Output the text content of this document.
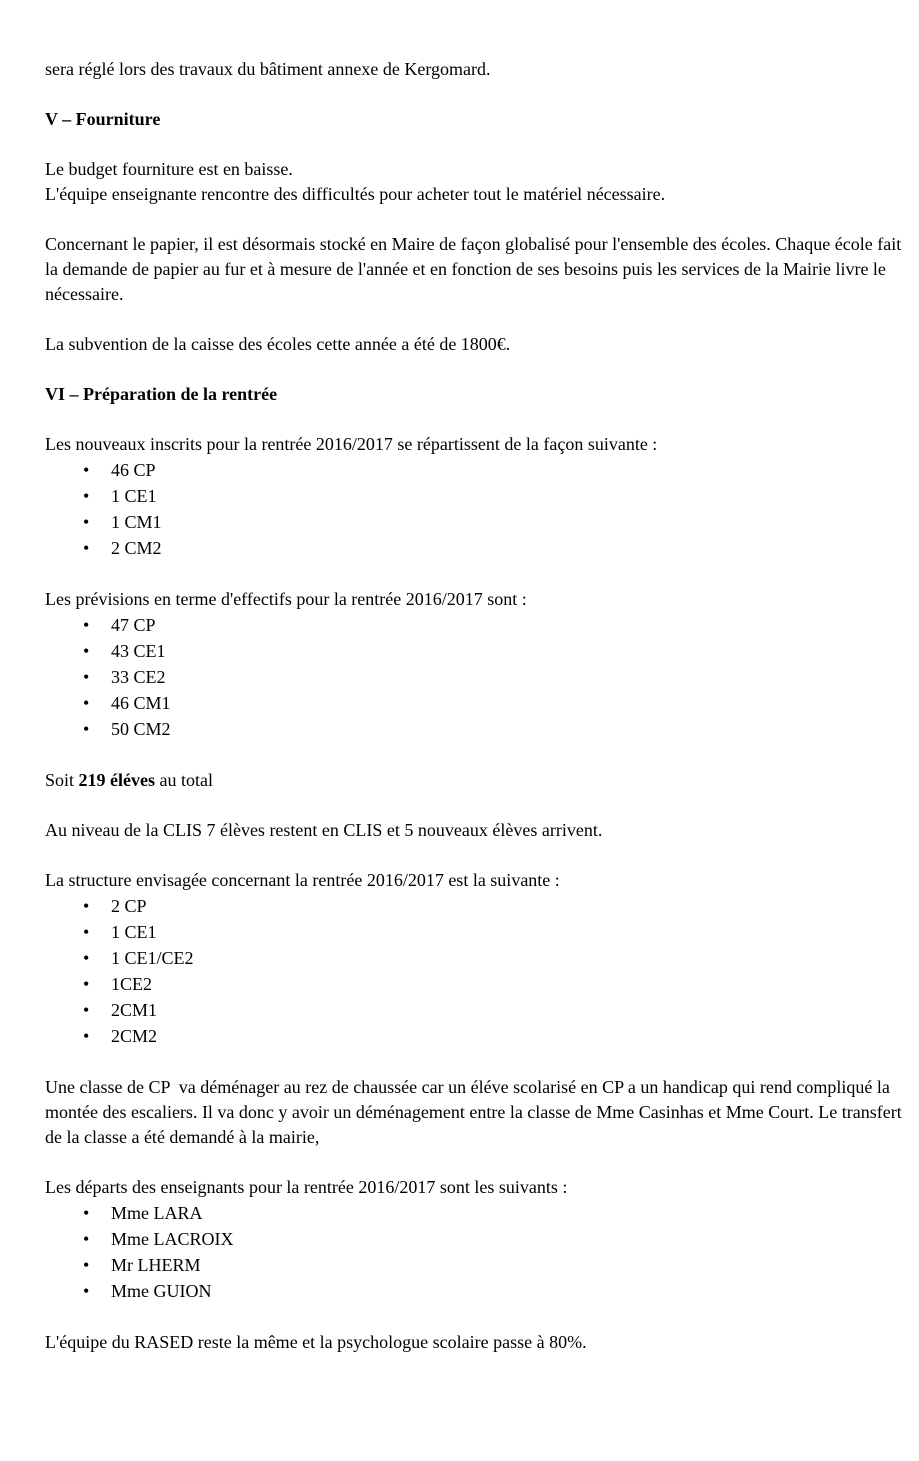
sera réglé lors des travaux du bâtiment annexe de Kergomard.

V – Fourniture

Le budget fourniture est en baisse.
L'équipe enseignante rencontre des difficultés pour acheter tout le matériel nécessaire.

Concernant le papier, il est désormais stocké en Maire de façon globalisé pour l'ensemble des écoles. Chaque école fait la demande de papier au fur et à mesure de l'année et en fonction de ses besoins puis les services de la Mairie livre le nécessaire.

La subvention de la caisse des écoles cette année a été de 1800€.

VI – Préparation de la rentrée

Les nouveaux inscrits pour la rentrée 2016/2017 se répartissent de la façon suivante :

• 46 CP
• 1 CE1
• 1 CM1
• 2 CM2

Les prévisions en terme d'effectifs pour la rentrée 2016/2017 sont :

• 47 CP
• 43 CE1
• 33 CE2
• 46 CM1
• 50 CM2

Soit 219 éléves au total

Au niveau de la CLIS 7 élèves restent en CLIS et 5 nouveaux élèves arrivent.

La structure envisagée concernant la rentrée 2016/2017 est la suivante :

• 2 CP
• 1 CE1
• 1 CE1/CE2
• 1CE2
• 2CM1
• 2CM2

Une classe de CP  va déménager au rez de chaussée car un éléve scolarisé en CP a un handicap qui rend compliqué la montée des escaliers. Il va donc y avoir un déménagement entre la classe de Mme Casinhas et Mme Court. Le transfert de la classe a été demandé à la mairie,

Les départs des enseignants pour la rentrée 2016/2017 sont les suivants :

• Mme LARA
• Mme LACROIX
• Mr LHERM
• Mme GUION

L'équipe du RASED reste la même et la psychologue scolaire passe à 80%.
